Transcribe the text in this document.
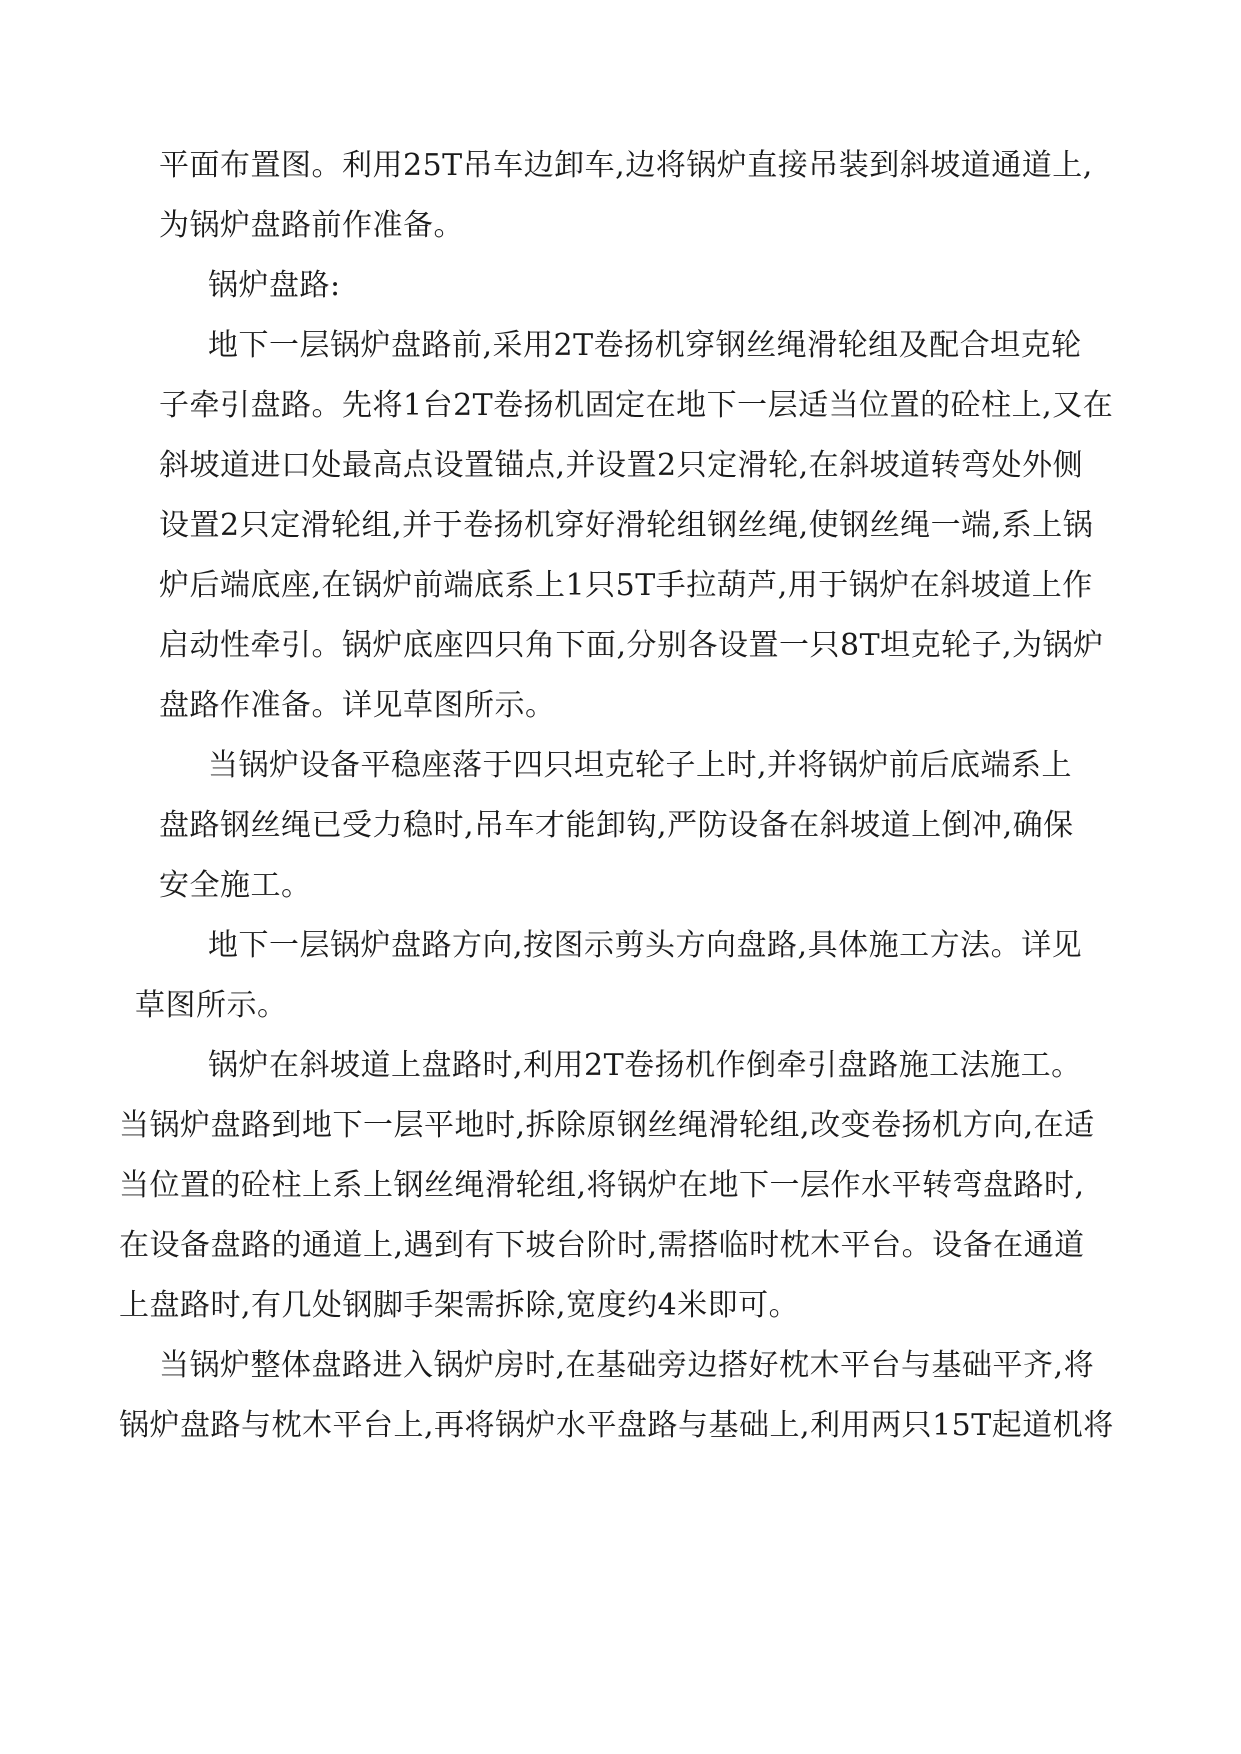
平面布置图。利用25T吊车边卸车,边将锅炉直接吊装到斜坡道通道上,
为锅炉盘路前作准备。
锅炉盘路:
地下一层锅炉盘路前,采用2T卷扬机穿钢丝绳滑轮组及配合坦克轮
子牵引盘路。先将1台2T卷扬机固定在地下一层适当位置的砼柱上,又在
斜坡道进口处最高点设置锚点,并设置2只定滑轮,在斜坡道转弯处外侧
设置2只定滑轮组,并于卷扬机穿好滑轮组钢丝绳,使钢丝绳一端,系上锅
炉后端底座,在锅炉前端底系上1只5T手拉葫芦,用于锅炉在斜坡道上作
启动性牵引。锅炉底座四只角下面,分别各设置一只8T坦克轮子,为锅炉
盘路作准备。详见草图所示。
当锅炉设备平稳座落于四只坦克轮子上时,并将锅炉前后底端系上
盘路钢丝绳已受力稳时,吊车才能卸钩,严防设备在斜坡道上倒冲,确保
安全施工。
地下一层锅炉盘路方向,按图示剪头方向盘路,具体施工方法。详见
草图所示。
锅炉在斜坡道上盘路时,利用2T卷扬机作倒牵引盘路施工法施工。
当锅炉盘路到地下一层平地时,拆除原钢丝绳滑轮组,改变卷扬机方向,在适
当位置的砼柱上系上钢丝绳滑轮组,将锅炉在地下一层作水平转弯盘路时,
在设备盘路的通道上,遇到有下坡台阶时,需搭临时枕木平台。设备在通道
上盘路时,有几处钢脚手架需拆除,宽度约4米即可。
当锅炉整体盘路进入锅炉房时,在基础旁边搭好枕木平台与基础平齐,将
锅炉盘路与枕木平台上,再将锅炉水平盘路与基础上,利用两只15T起道机将
